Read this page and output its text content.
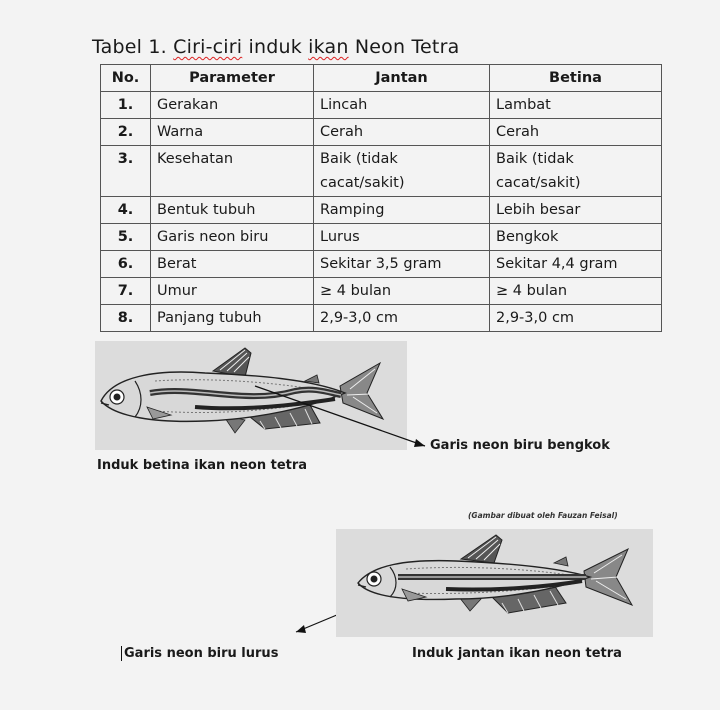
Tabel 1. Ciri-ciri induk ikan Neon Tetra
No.	Parameter	Jantan	Betina
1.	Gerakan	Lincah	Lambat
2.	Warna	Cerah	Cerah
3.	Kesehatan	Baik (tidak cacat/sakit)	Baik (tidak cacat/sakit)
4.	Bentuk tubuh	Ramping	Lebih besar
5.	Garis neon biru	Lurus	Bengkok
6.	Berat	Sekitar 3,5 gram	Sekitar 4,4 gram
7.	Umur	≥ 4 bulan	≥ 4 bulan
8.	Panjang tubuh	2,9-3,0 cm	2,9-3,0 cm
Garis neon biru bengkok
Induk betina ikan neon tetra
(Gambar dibuat oleh Fauzan Feisal)
Garis neon biru lurus	Induk jantan ikan neon tetra
